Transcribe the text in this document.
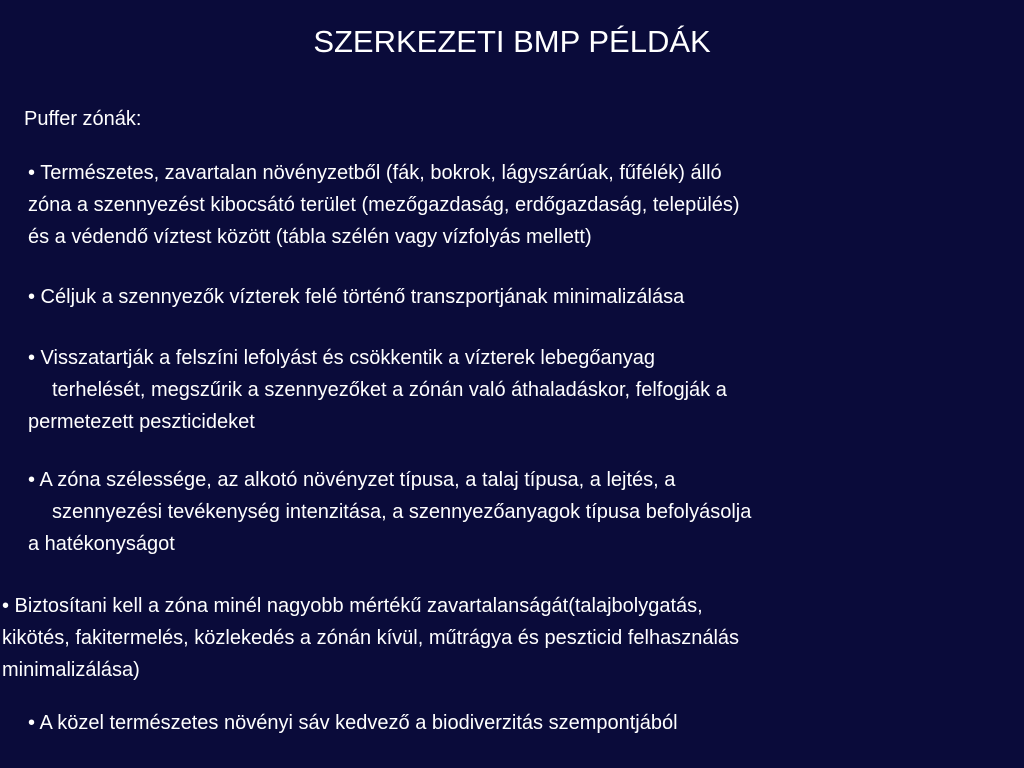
SZERKEZETI BMP PÉLDÁK
Puffer zónák:
• Természetes, zavartalan növényzetből (fák, bokrok, lágyszárúak, fűfélék) álló
zóna a szennyezést kibocsátó terület (mezőgazdaság, erdőgazdaság, település)
és a védendő víztest között (tábla szélén vagy vízfolyás mellett)
• Céljuk a szennyezők vízterek felé történő transzportjának minimalizálása
• Visszatartják a felszíni lefolyást és csökkentik a vízterek lebegőanyag
terhelését, megszűrik a szennyezőket a zónán való áthaladáskor, felfogják a
permetezett peszticideket
• A zóna szélessége, az alkotó növényzet típusa, a talaj típusa, a lejtés, a
szennyezési tevékenység intenzitása, a szennyezőanyagok típusa befolyásolja
a hatékonyságot
• Biztosítani kell a zóna minél nagyobb mértékű zavartalanságát(talajbolygatás,
kikötés, fakitermelés, közlekedés a zónán kívül, műtrágya és peszticid felhasználás
minimalizálása)
• A közel természetes növényi sáv kedvező a biodiverzitás szempontjából
